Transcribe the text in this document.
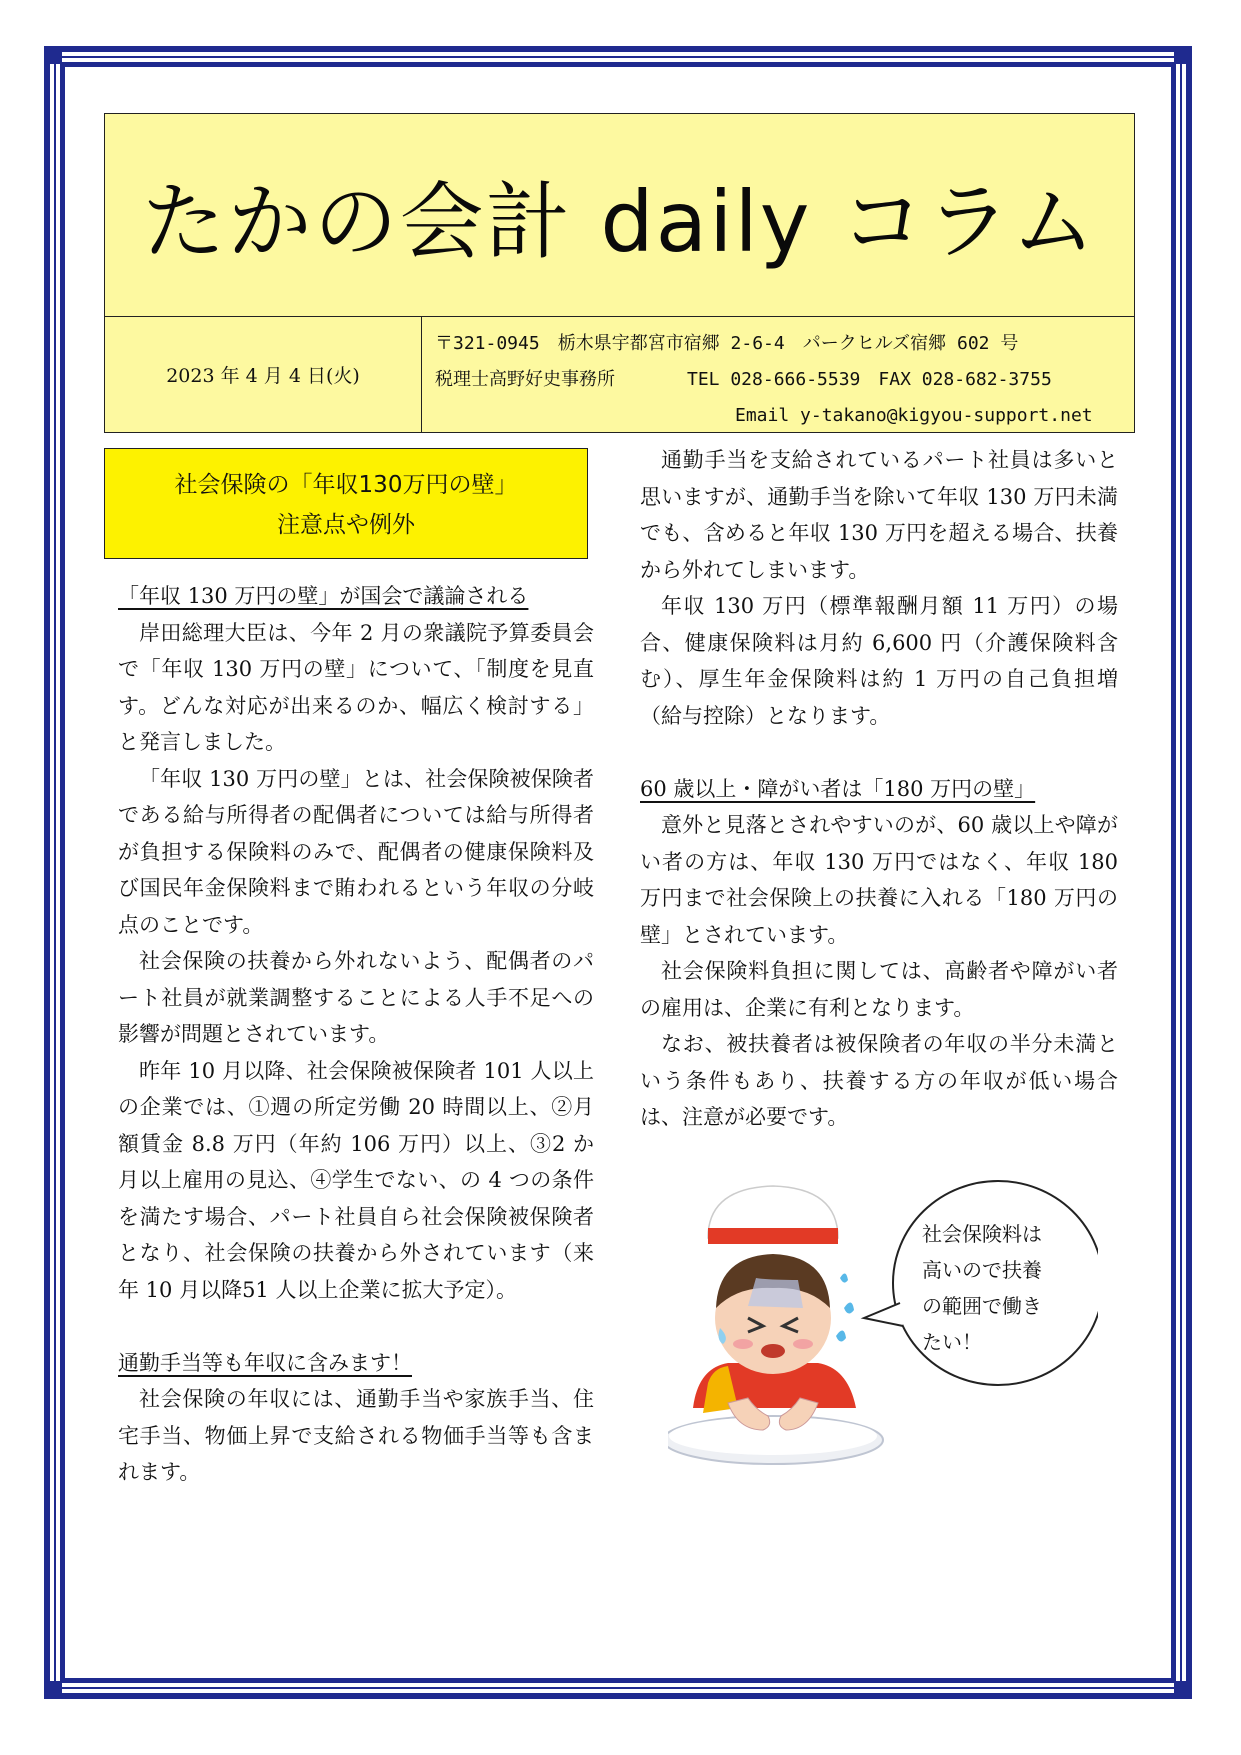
たかの会計 daily コラム
2023 年 4 月 4 日(火)
〒321-0945　栃木県宇都宮市宿郷 2-6-4　パークヒルズ宿郷 602 号
税理士高野好史事務所　　　　TEL 028-666-5539　FAX 028-682-3755
Email y-takano@kigyou-support.net
社会保険の「年収130万円の壁」
注意点や例外
「年収 130 万円の壁」が国会で議論される

岸田総理大臣は、今年 2 月の衆議院予算委員会で「年収 130 万円の壁」について、「制度を見直す。どんな対応が出来るのか、幅広く検討する」と発言しました。

「年収 130 万円の壁」とは、社会保険被保険者である給与所得者の配偶者については給与所得者が負担する保険料のみで、配偶者の健康保険料及び国民年金保険料まで賄われるという年収の分岐点のことです。

社会保険の扶養から外れないよう、配偶者のパート社員が就業調整することによる人手不足への影響が問題とされています。

昨年 10 月以降、社会保険被保険者 101 人以上の企業では、①週の所定労働 20 時間以上、②月額賃金 8.8 万円（年約 106 万円）以上、③2 か月以上雇用の見込、④学生でない、の 4 つの条件を満たす場合、パート社員自ら社会保険被保険者となり、社会保険の扶養から外されています（来年 10 月以降51 人以上企業に拡大予定）。

通勤手当等も年収に含みます！

社会保険の年収には、通勤手当や家族手当、住宅手当、物価上昇で支給される物価手当等も含まれます。

通勤手当を支給されているパート社員は多いと思いますが、通勤手当を除いて年収 130 万円未満でも、含めると年収 130 万円を超える場合、扶養から外れてしまいます。

年収 130 万円（標準報酬月額 11 万円）の場合、健康保険料は月約 6,600 円（介護保険料含む）、厚生年金保険料は約 1 万円の自己負担増（給与控除）となります。

60 歳以上・障がい者は「180 万円の壁」

意外と見落とされやすいのが、60 歳以上や障がい者の方は、年収 130 万円ではなく、年収 180 万円まで社会保険上の扶養に入れる「180 万円の壁」とされています。

社会保険料負担に関しては、高齢者や障がい者の雇用は、企業に有利となります。

なお、被扶養者は被保険者の年収の半分未満という条件もあり、扶養する方の年収が低い場合は、注意が必要です。

社会保険料は
高いので扶養
の範囲で働き
たい！
